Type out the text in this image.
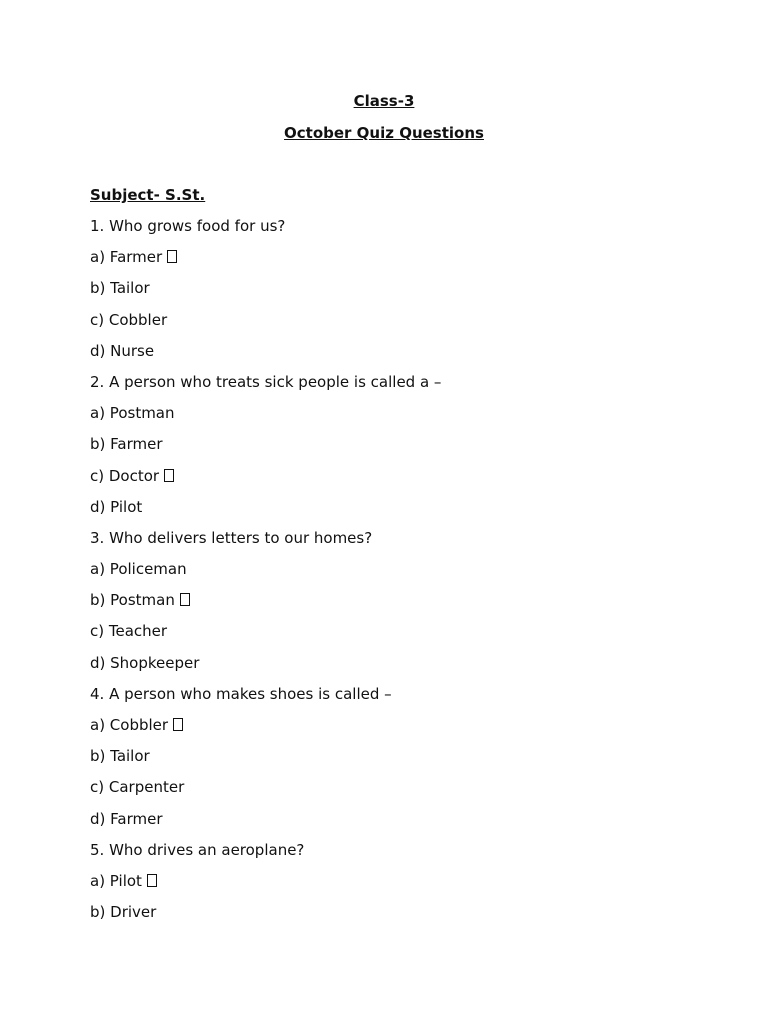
Class-3

October Quiz Questions

Subject- S.St.

1. Who grows food for us?
a) Farmer
b) Tailor
c) Cobbler
d) Nurse
2. A person who treats sick people is called a –
a) Postman
b) Farmer
c) Doctor
d) Pilot
3. Who delivers letters to our homes?
a) Policeman
b) Postman
c) Teacher
d) Shopkeeper
4. A person who makes shoes is called –
a) Cobbler
b) Tailor
c) Carpenter
d) Farmer
5. Who drives an aeroplane?
a) Pilot
b) Driver
